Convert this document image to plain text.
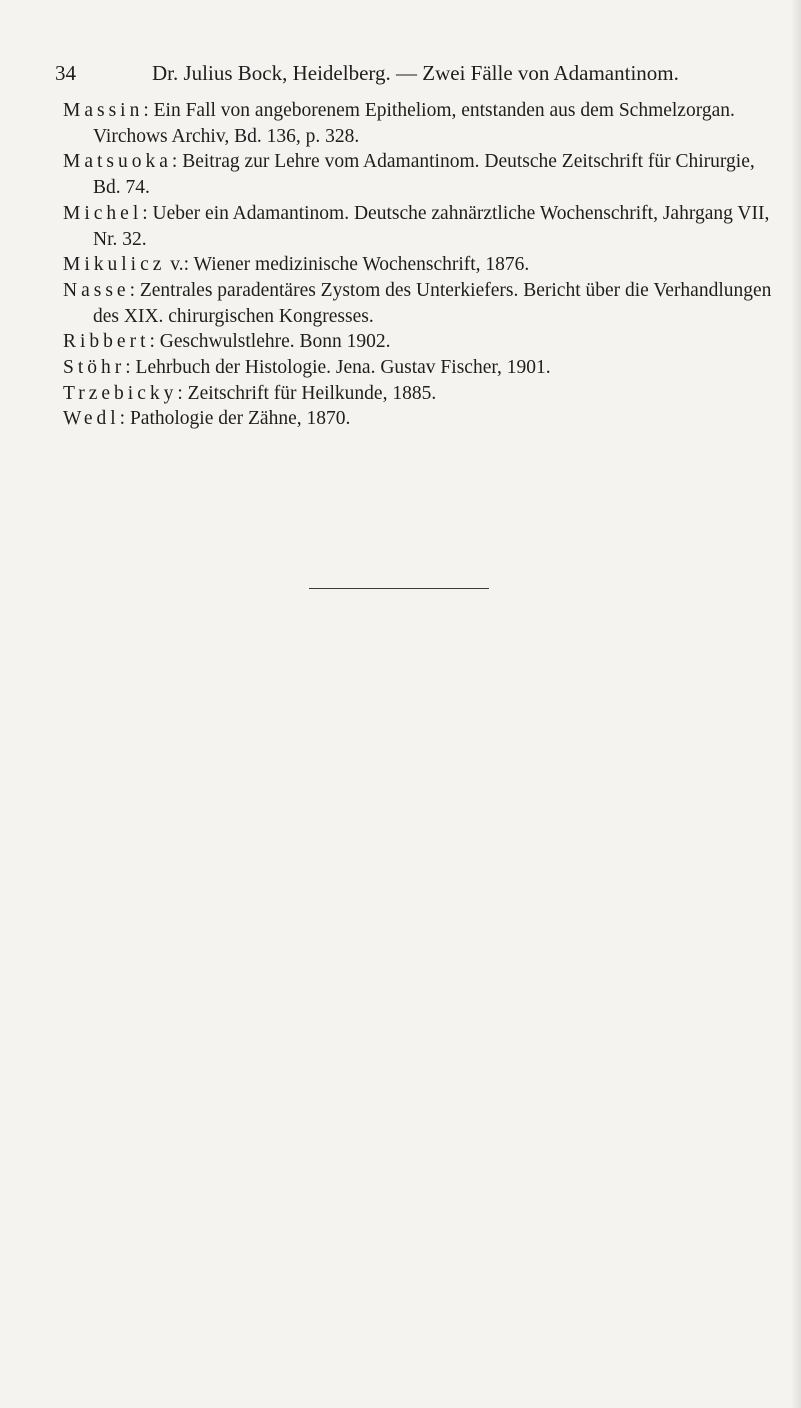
34	Dr. Julius Bock, Heidelberg. — Zwei Fälle von Adamantinom.

Massin: Ein Fall von angeborenem Epitheliom, entstanden aus dem Schmelzorgan. Virchows Archiv, Bd. 136, p. 328.

Matsuoka: Beitrag zur Lehre vom Adamantinom. Deutsche Zeitschrift für Chirurgie, Bd. 74.

Michel: Ueber ein Adamantinom. Deutsche zahnärztliche Wochenschrift, Jahrgang VII, Nr. 32.

Mikulicz v.: Wiener medizinische Wochenschrift, 1876.

Nasse: Zentrales paradentäres Zystom des Unterkiefers. Bericht über die Verhandlungen des XIX. chirurgischen Kongresses.

Ribbert: Geschwulstlehre. Bonn 1902.

Stöhr: Lehrbuch der Histologie. Jena. Gustav Fischer, 1901.

Trzebicky: Zeitschrift für Heilkunde, 1885.

Wedl: Pathologie der Zähne, 1870.
